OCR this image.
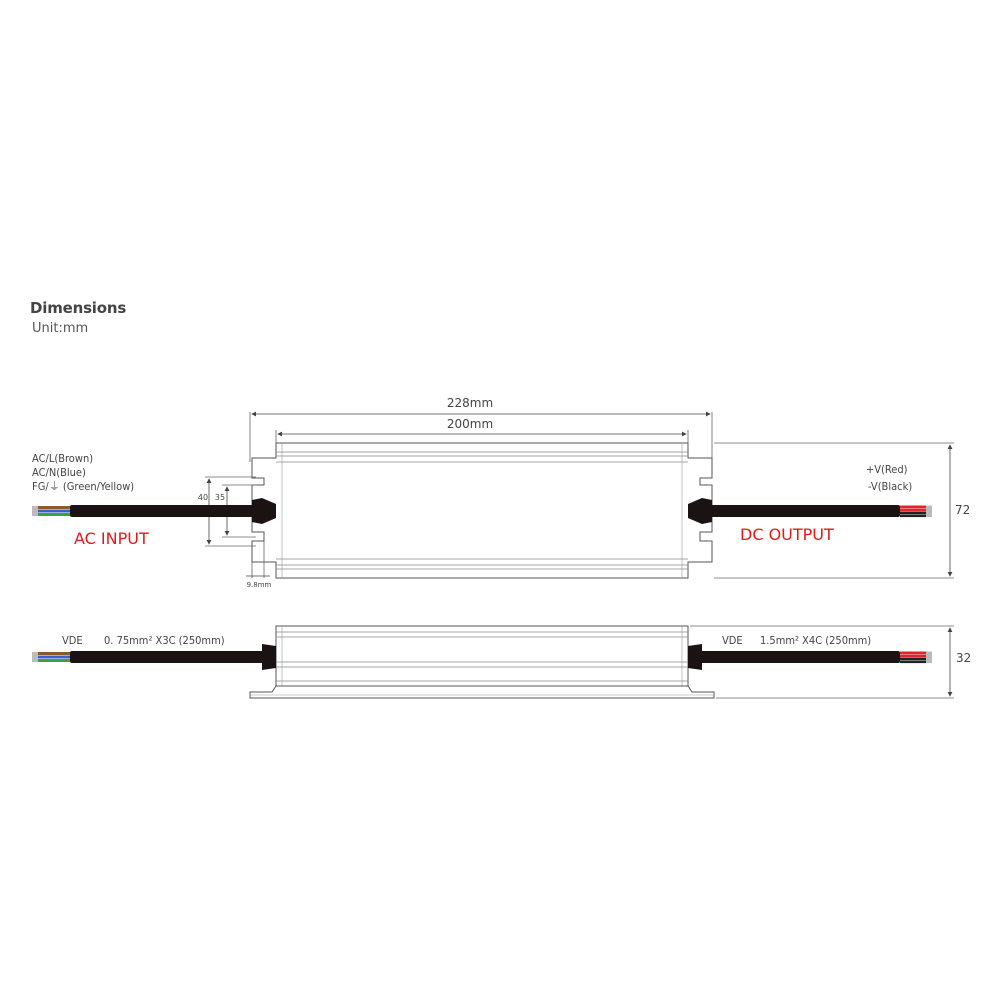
Dimensions
Unit:mm
228mm
200mm
40 35
9.8mm
72
AC/L(Brown)
AC/N(Blue)
FG/⏚ (Green/Yellow)
+V(Red)
-V(Black)
AC INPUT	DC OUTPUT
VDE 0. 75mm² X3C (250mm)	VDE 1.5mm² X4C (250mm)
32
